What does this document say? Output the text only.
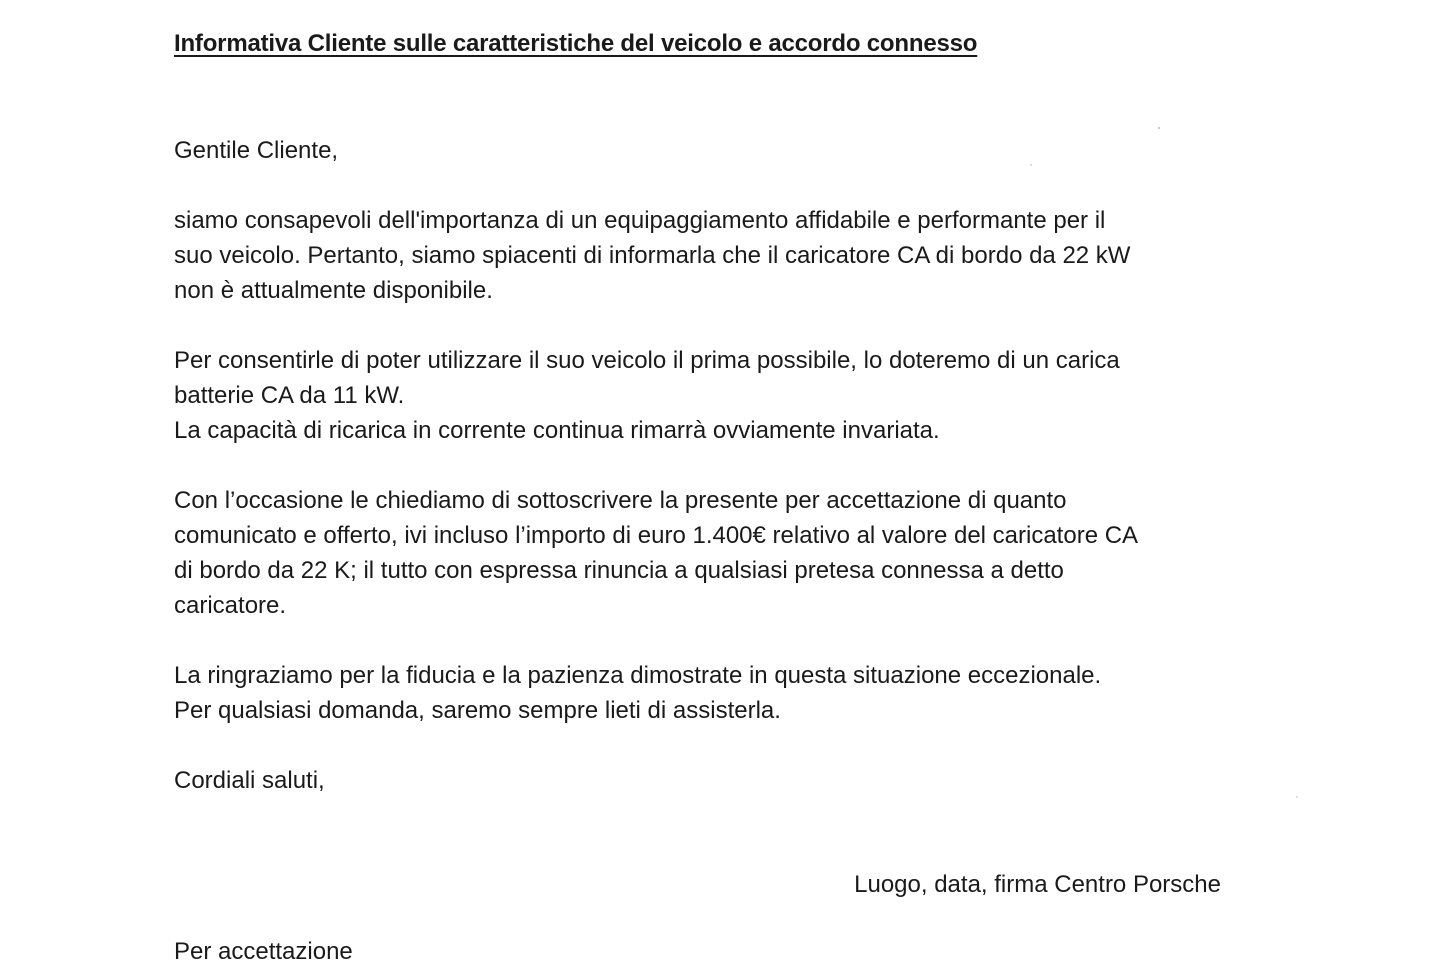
Informativa Cliente sulle caratteristiche del veicolo e accordo connesso

Gentile Cliente,

siamo consapevoli dell'importanza di un equipaggiamento affidabile e performante per il
suo veicolo. Pertanto, siamo spiacenti di informarla che il caricatore CA di bordo da 22 kW
non è attualmente disponibile.

Per consentirle di poter utilizzare il suo veicolo il prima possibile, lo doteremo di un carica
batterie CA da 11 kW.
La capacità di ricarica in corrente continua rimarrà ovviamente invariata.

Con l’occasione le chiediamo di sottoscrivere la presente per accettazione di quanto
comunicato e offerto, ivi incluso l’importo di euro 1.400€ relativo al valore del caricatore CA
di bordo da 22 K; il tutto con espressa rinuncia a qualsiasi pretesa connessa a detto
caricatore.

La ringraziamo per la fiducia e la pazienza dimostrate in questa situazione eccezionale.
Per qualsiasi domanda, saremo sempre lieti di assisterla.

Cordiali saluti,

Luogo, data, firma Centro Porsche

Per accettazione
